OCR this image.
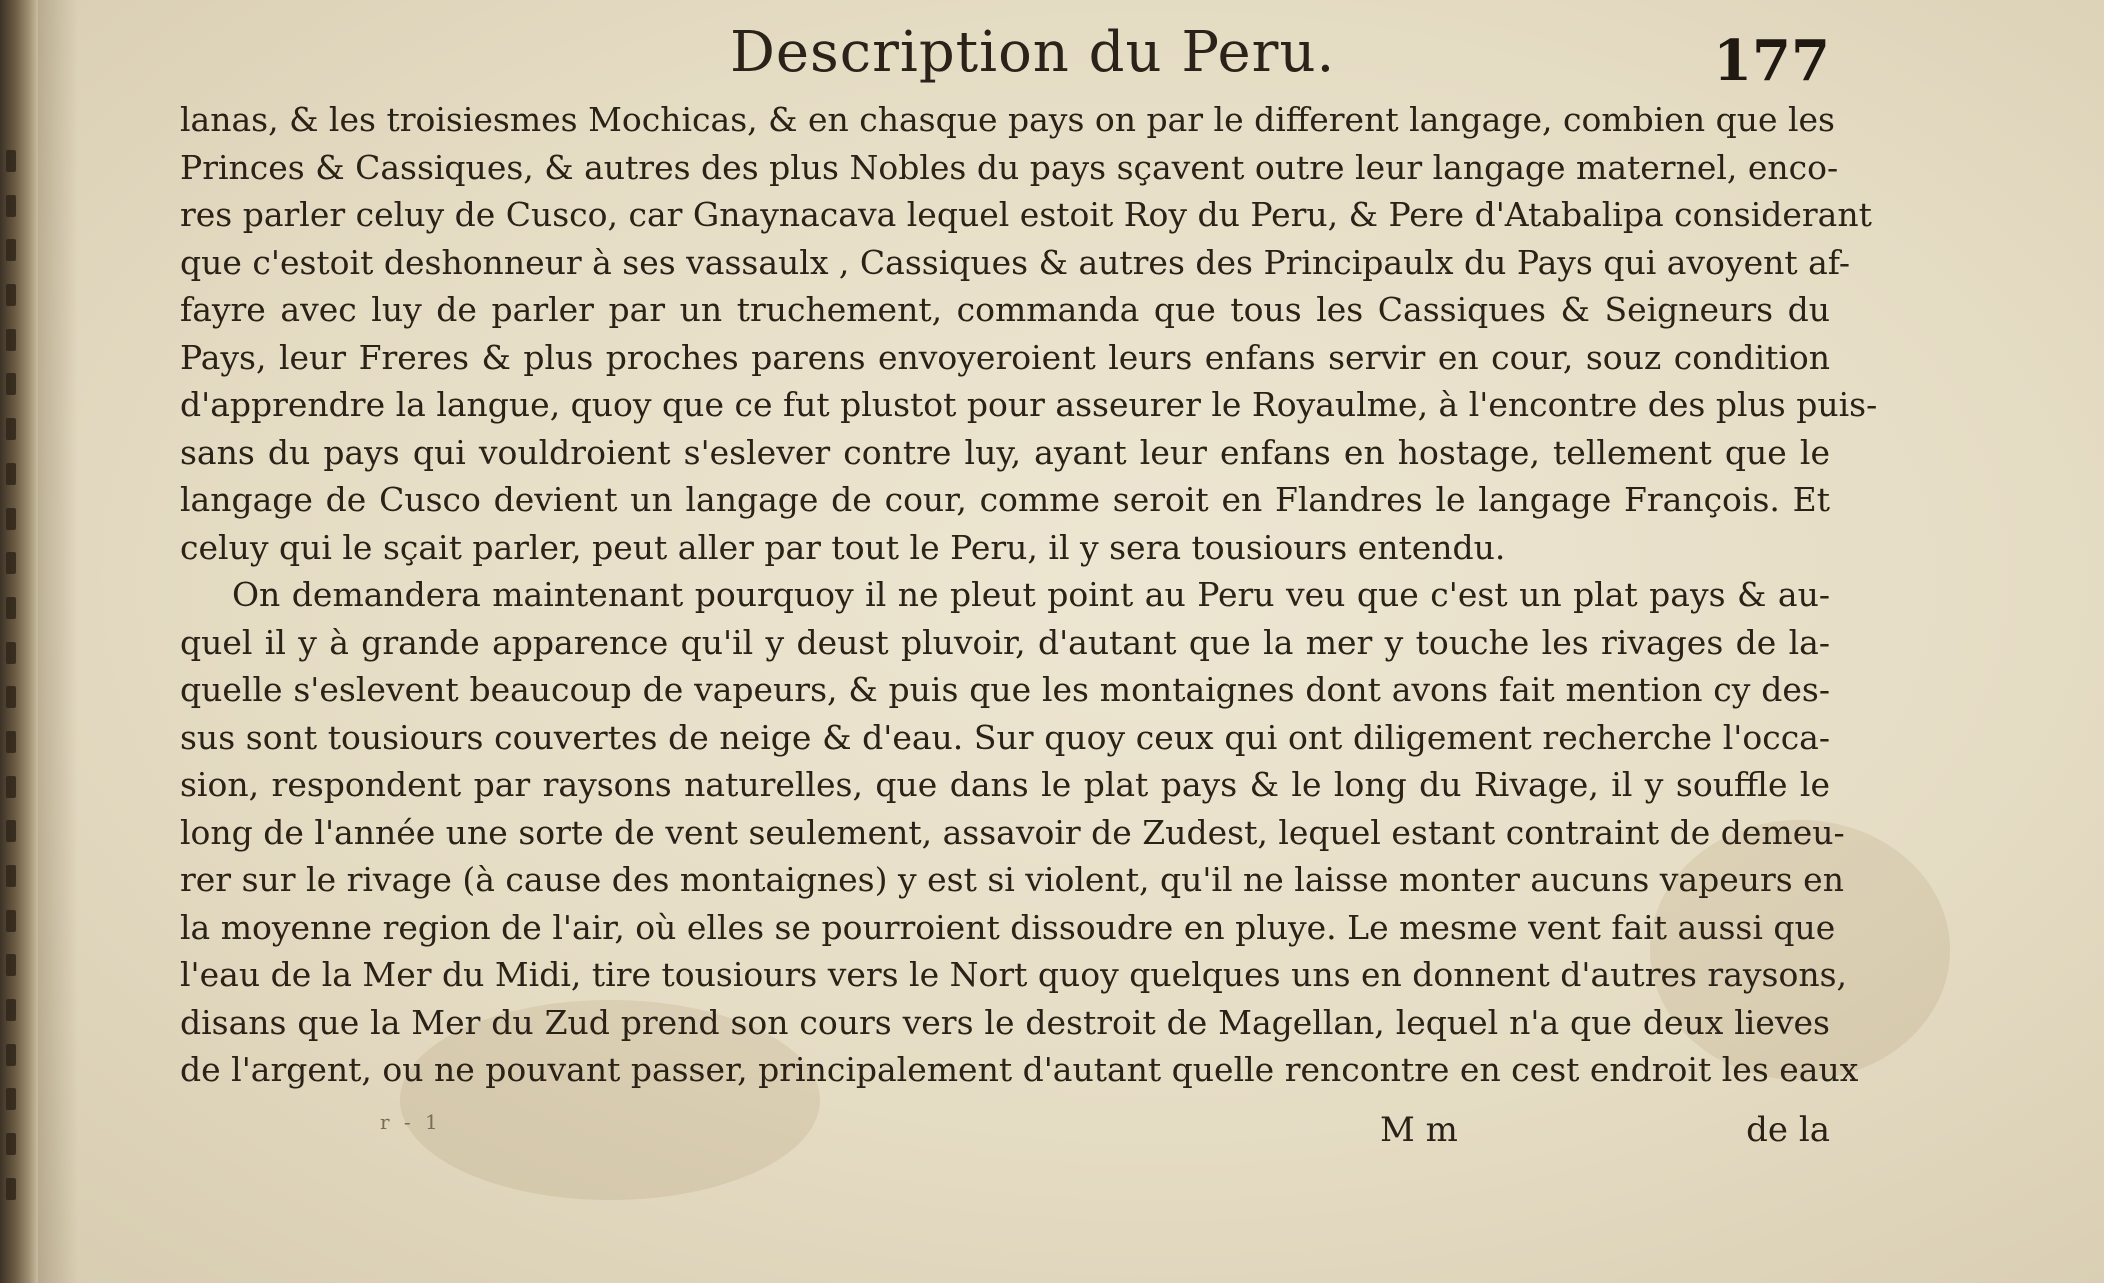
Description du Peru.	177
lanas, & les troisiesmes Mochicas, & en chasque pays on par le different langage, combien que les
Princes & Cassiques, & autres des plus Nobles du pays sçavent outre leur langage maternel, enco-
res parler celuy de Cusco, car Gnaynacava lequel estoit Roy du Peru, & Pere d'Atabalipa considerant
que c'estoit deshonneur à ses vassaulx , Cassiques & autres des Principaulx du Pays qui avoyent af-
fayre avec luy de parler par un truchement, commanda que tous les Cassiques & Seigneurs du
Pays, leur Freres & plus proches parens envoyeroient leurs enfans servir en cour, souz condition
d'apprendre la langue, quoy que ce fut plustot pour asseurer le Royaulme, à l'encontre des plus puis-
sans du pays qui vouldroient s'eslever contre luy, ayant leur enfans en hostage, tellement que le
langage de Cusco devient un langage de cour, comme seroit en Flandres le langage François. Et
celuy qui le sçait parler, peut aller par tout le Peru, il y sera tousiours entendu.
On demandera maintenant pourquoy il ne pleut point au Peru veu que c'est un plat pays & au-
quel il y à grande apparence qu'il y deust pluvoir, d'autant que la mer y touche les rivages de la-
quelle s'eslevent beaucoup de vapeurs, & puis que les montaignes dont avons fait mention cy des-
sus sont tousiours couvertes de neige & d'eau. Sur quoy ceux qui ont diligement recherche l'occa-
sion, respondent par raysons naturelles, que dans le plat pays & le long du Rivage, il y souffle le
long de l'année une sorte de vent seulement, assavoir de Zudest, lequel estant contraint de demeu-
rer sur le rivage (à cause des montaignes) y est si violent, qu'il ne laisse monter aucuns vapeurs en
la moyenne region de l'air, où elles se pourroient dissoudre en pluye. Le mesme vent fait aussi que
l'eau de la Mer du Midi, tire tousiours vers le Nort quoy quelques uns en donnent d'autres raysons,
disans que la Mer du Zud prend son cours vers le destroit de Magellan, lequel n'a que deux lieves
de l'argent, ou ne pouvant passer, principalement d'autant quelle rencontre en cest endroit les eaux
r - 1	M m	de la
